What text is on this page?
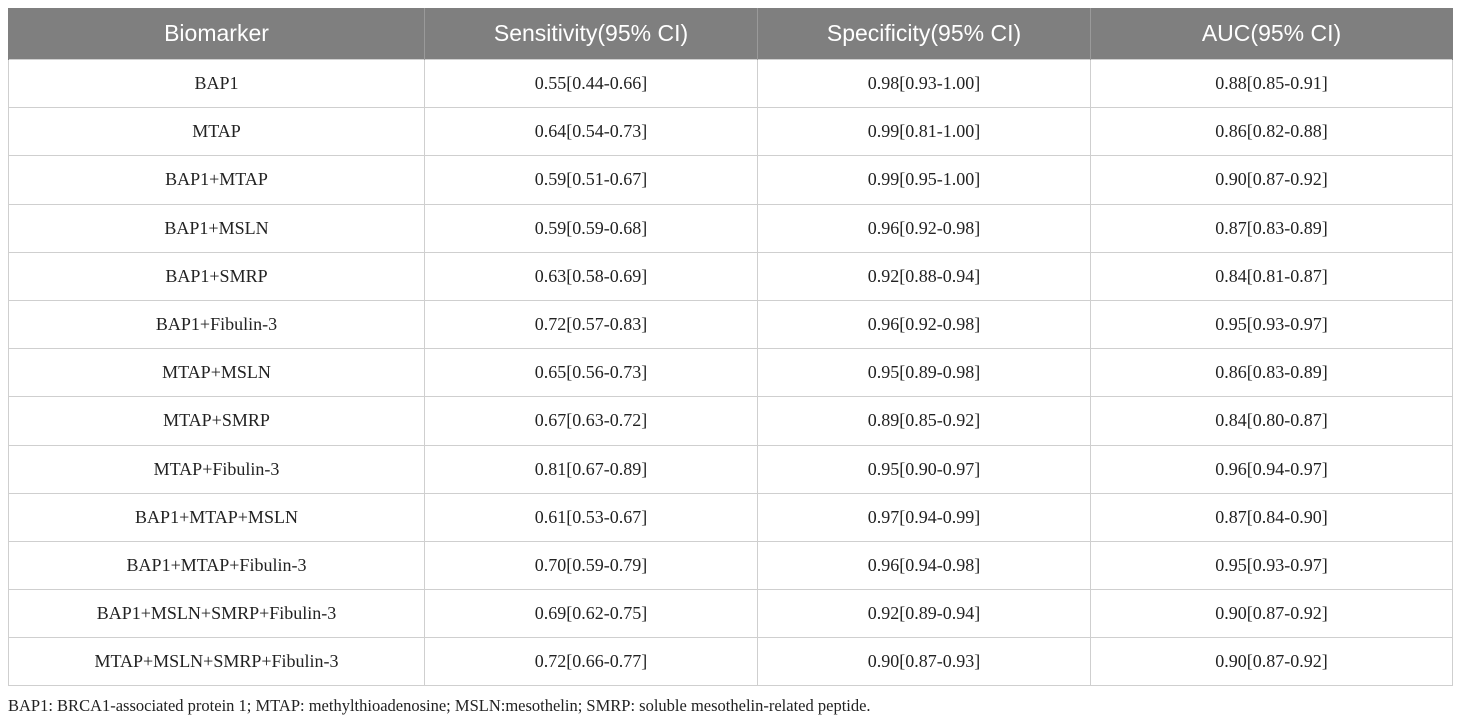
Biomarker	Sensitivity(95% CI)	Specificity(95% CI)	AUC(95% CI)
BAP1	0.55[0.44-0.66]	0.98[0.93-1.00]	0.88[0.85-0.91]
MTAP	0.64[0.54-0.73]	0.99[0.81-1.00]	0.86[0.82-0.88]
BAP1+MTAP	0.59[0.51-0.67]	0.99[0.95-1.00]	0.90[0.87-0.92]
BAP1+MSLN	0.59[0.59-0.68]	0.96[0.92-0.98]	0.87[0.83-0.89]
BAP1+SMRP	0.63[0.58-0.69]	0.92[0.88-0.94]	0.84[0.81-0.87]
BAP1+Fibulin-3	0.72[0.57-0.83]	0.96[0.92-0.98]	0.95[0.93-0.97]
MTAP+MSLN	0.65[0.56-0.73]	0.95[0.89-0.98]	0.86[0.83-0.89]
MTAP+SMRP	0.67[0.63-0.72]	0.89[0.85-0.92]	0.84[0.80-0.87]
MTAP+Fibulin-3	0.81[0.67-0.89]	0.95[0.90-0.97]	0.96[0.94-0.97]
BAP1+MTAP+MSLN	0.61[0.53-0.67]	0.97[0.94-0.99]	0.87[0.84-0.90]
BAP1+MTAP+Fibulin-3	0.70[0.59-0.79]	0.96[0.94-0.98]	0.95[0.93-0.97]
BAP1+MSLN+SMRP+Fibulin-3	0.69[0.62-0.75]	0.92[0.89-0.94]	0.90[0.87-0.92]
MTAP+MSLN+SMRP+Fibulin-3	0.72[0.66-0.77]	0.90[0.87-0.93]	0.90[0.87-0.92]
BAP1: BRCA1-associated protein 1; MTAP: methylthioadenosine; MSLN:mesothelin; SMRP: soluble mesothelin-related peptide.
